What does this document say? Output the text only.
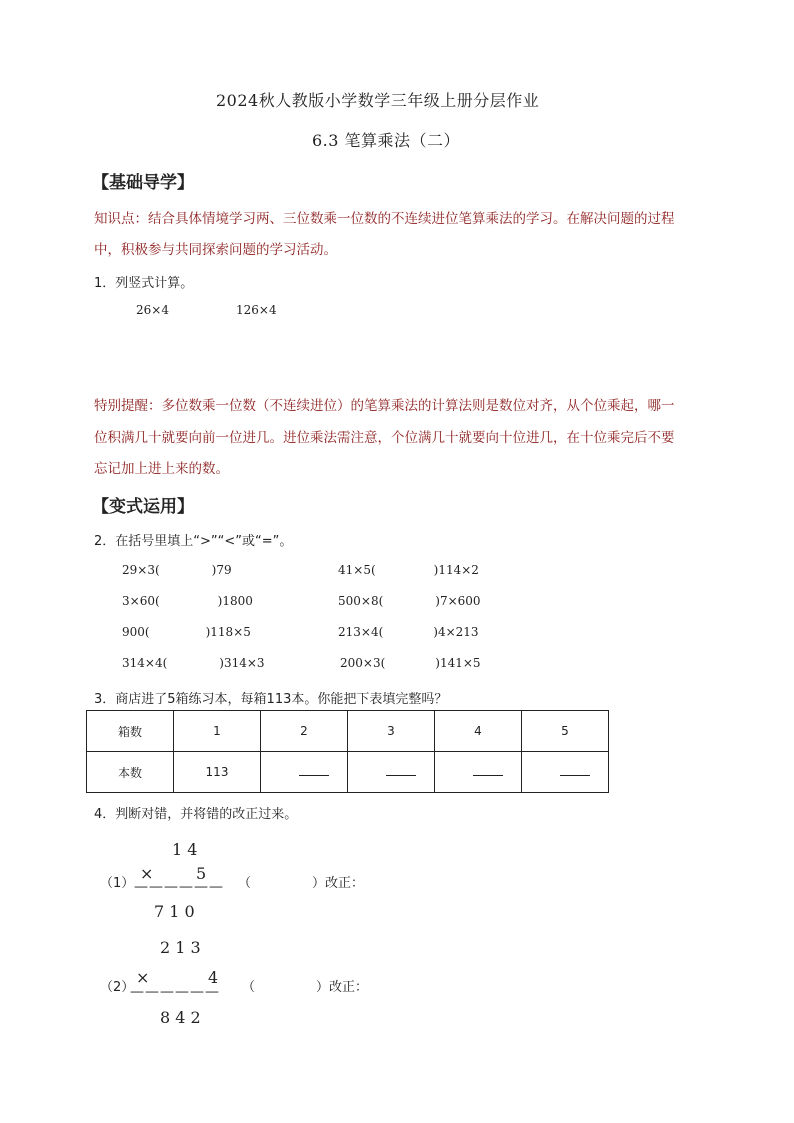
2024秋人教版小学数学三年级上册分层作业
6.3 笔算乘法（二）
【基础导学】
知识点：结合具体情境学习两、三位数乘一位数的不连续进位笔算乘法的学习。在解决问题的过程
中，积极参与共同探索问题的学习活动。
1．列竖式计算。
26×4	126×4
特别提醒：多位数乘一位数（不连续进位）的笔算乘法的计算法则是数位对齐，从个位乘起，哪一
位积满几十就要向前一位进几。进位乘法需注意，个位满几十就要向十位进几，在十位乘完后不要
忘记加上进上来的数。
【变式运用】
2．在括号里填上“>”“<”或“=”。
29×3(	)79	41×5(	)114×2
3×60(	)1800	500×8(	)7×600
900(	)118×5	213×4(	)4×213
314×4(	)314×3	200×3(	)141×5
3．商店进了5箱练习本，每箱113本。你能把下表填完整吗？
箱数	1	2	3	4	5
本数	113				
4．判断对错，并将错的改正过来。
1 4
（1）
×	5
—————— （	）改正：
7 1 0
2 1 3
（2）
×	4
—————— （	）改正：
8 4 2
